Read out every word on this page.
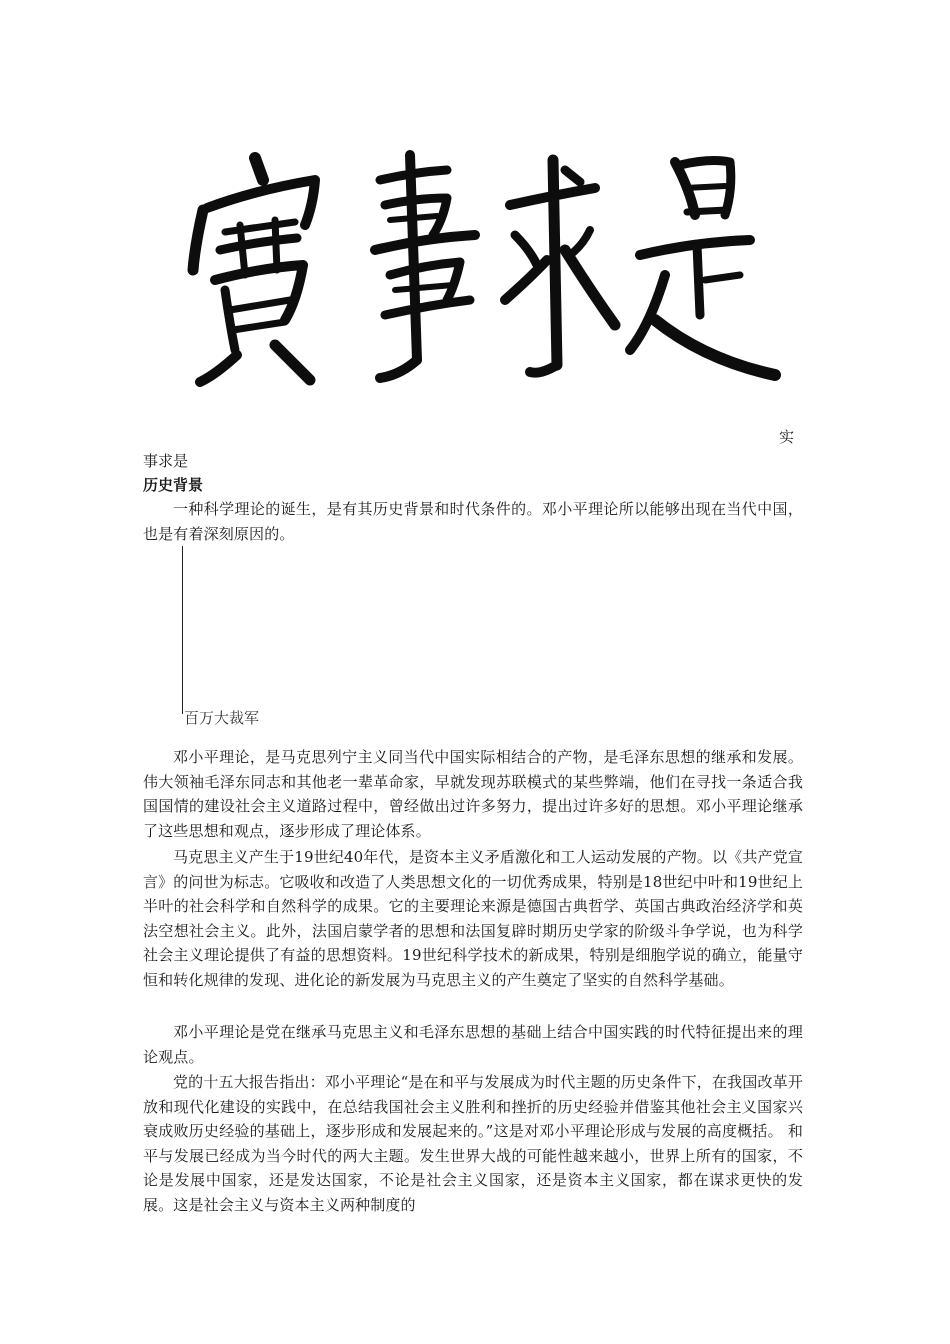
实
事求是
历史背景

一种科学理论的诞生，是有其历史背景和时代条件的。邓小平理论所以能够出现在当代中国，也是有着深刻原因的。

百万大裁军

邓小平理论，是马克思列宁主义同当代中国实际相结合的产物，是毛泽东思想的继承和发展。伟大领袖毛泽东同志和其他老一辈革命家，早就发现苏联模式的某些弊端，他们在寻找一条适合我国国情的建设社会主义道路过程中，曾经做出过许多努力，提出过许多好的思想。邓小平理论继承了这些思想和观点，逐步形成了理论体系。

马克思主义产生于19世纪40年代，是资本主义矛盾激化和工人运动发展的产物。以《共产党宣言》的问世为标志。它吸收和改造了人类思想文化的一切优秀成果，特别是18世纪中叶和19世纪上半叶的社会科学和自然科学的成果。它的主要理论来源是德国古典哲学、英国古典政治经济学和英法空想社会主义。此外，法国启蒙学者的思想和法国复辟时期历史学家的阶级斗争学说，也为科学社会主义理论提供了有益的思想资料。19世纪科学技术的新成果，特别是细胞学说的确立，能量守恒和转化规律的发现、进化论的新发展为马克思主义的产生奠定了坚实的自然科学基础。

邓小平理论是党在继承马克思主义和毛泽东思想的基础上结合中国实践的时代特征提出来的理论观点。

党的十五大报告指出：邓小平理论“是在和平与发展成为时代主题的历史条件下，在我国改革开放和现代化建设的实践中，在总结我国社会主义胜利和挫折的历史经验并借鉴其他社会主义国家兴衰成败历史经验的基础上，逐步形成和发展起来的。”这是对邓小平理论形成与发展的高度概括。 和平与发展已经成为当今时代的两大主题。发生世界大战的可能性越来越小，世界上所有的国家，不论是发展中国家，还是发达国家，不论是社会主义国家，还是资本主义国家，都在谋求更快的发展。这是社会主义与资本主义两种制度的
